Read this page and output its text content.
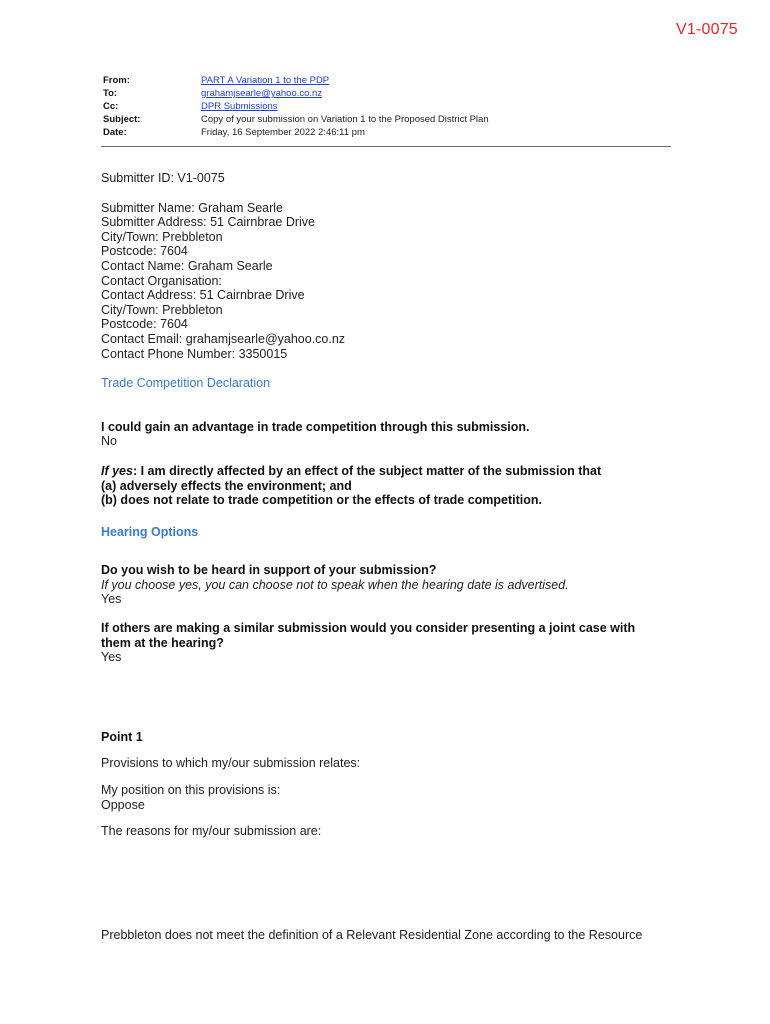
V1-0075
From:	PART A Variation 1 to the PDP
To:	grahamjsearle@yahoo.co.nz
Cc:	DPR Submissions
Subject:	Copy of your submission on Variation 1 to the Proposed District Plan
Date:	Friday, 16 September 2022 2:46:11 pm

Submitter ID: V1-0075

Submitter Name: Graham Searle

Submitter Address: 51 Cairnbrae Drive

City/Town: Prebbleton

Postcode: 7604

Contact Name: Graham Searle

Contact Organisation:

Contact Address: 51 Cairnbrae Drive

City/Town: Prebbleton

Postcode: 7604

Contact Email: grahamjsearle@yahoo.co.nz

Contact Phone Number: 3350015

Trade Competition Declaration

I could gain an advantage in trade competition through this submission.

No

If yes: I am directly affected by an effect of the subject matter of the submission that

(a) adversely effects the environment; and

(b) does not relate to trade competition or the effects of trade competition.

Hearing Options

Do you wish to be heard in support of your submission?

If you choose yes, you can choose not to speak when the hearing date is advertised.

Yes

If others are making a similar submission would you consider presenting a joint case with them at the hearing?

Yes

Point 1

Provisions to which my/our submission relates:

My position on this provisions is:

Oppose

The reasons for my/our submission are:

Prebbleton does not meet the definition of a Relevant Residential Zone according to the Resource
